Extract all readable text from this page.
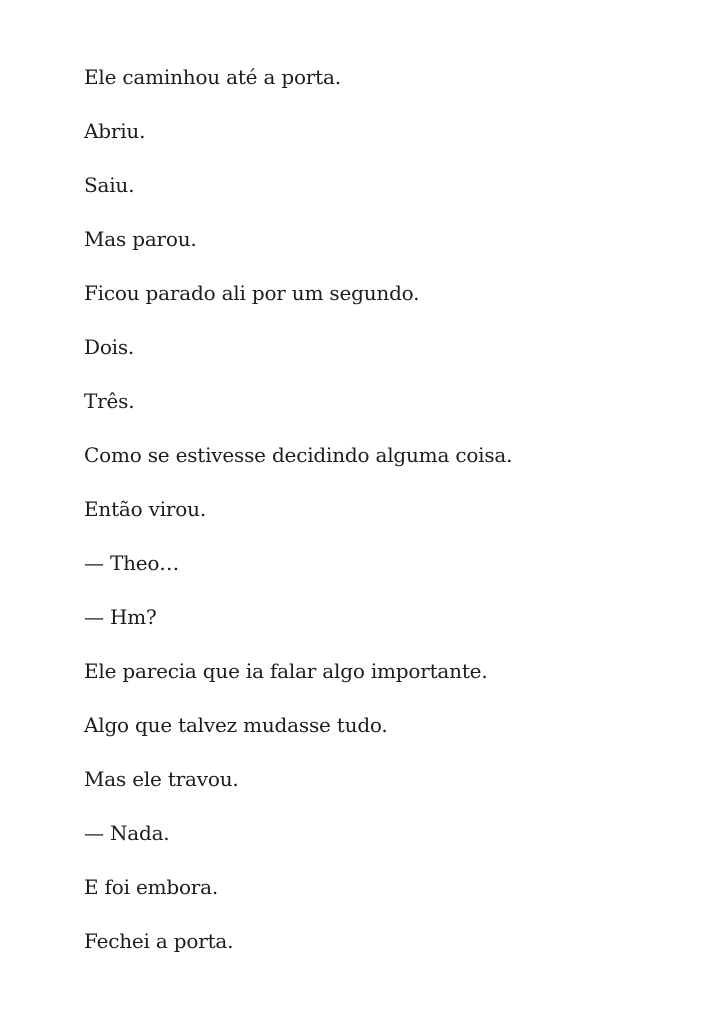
Ele caminhou até a porta.

Abriu.

Saiu.

Mas parou.

Ficou parado ali por um segundo.

Dois.

Três.

Como se estivesse decidindo alguma coisa.

Então virou.

— Theo…

— Hm?

Ele parecia que ia falar algo importante.

Algo que talvez mudasse tudo.

Mas ele travou.

— Nada.

E foi embora.

Fechei a porta.
